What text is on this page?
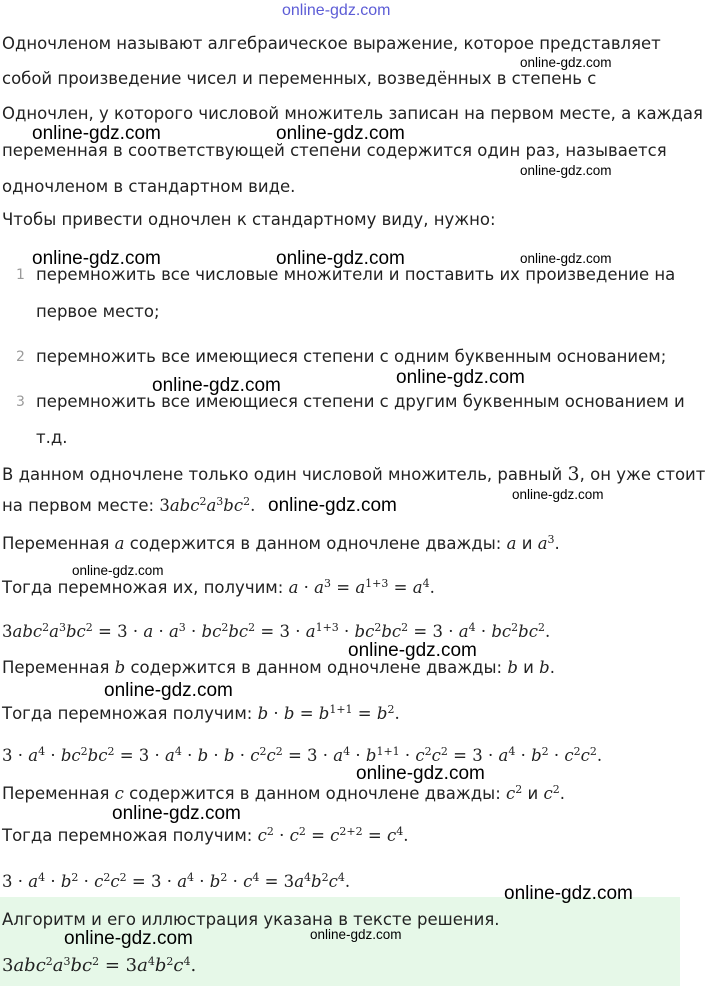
online-gdz.com
Одночленом называют алгебраическое выражение, которое представляет
собой произведение чисел и переменных, возведённых в степень с
Одночлен, у которого числовой множитель записан на первом месте, а каждая
переменная в соответствующей степени содержится один раз, называется
одночленом в стандартном виде.
Чтобы привести одночлен к стандартному виду, нужно:
1 перемножить все числовые множители и поставить их произведение на
первое место;
2 перемножить все имеющиеся степени с одним буквенным основанием;
3 перемножить все имеющиеся степени с другим буквенным основанием и
т.д.
В данном одночлене только один числовой множитель, равный 3, он уже стоит
на первом месте: $3abc^2a^3bc^2$.
Переменная a содержится в данном одночлене дважды: a и $a^3$.
Тогда перемножая их, получим: $a \cdot a^3 = a^{1+3} = a^4$.
$3abc^2a^3bc^2 = 3 \cdot a \cdot a^3 \cdot bc^2bc^2 = 3 \cdot a^{1+3} \cdot bc^2bc^2 = 3 \cdot a^4 \cdot bc^2bc^2$.
Переменная b содержится в данном одночлене дважды: b и b.
Тогда перемножая получим: $b \cdot b = b^{1+1} = b^2$.
$3 \cdot a^4 \cdot bc^2bc^2 = 3 \cdot a^4 \cdot b \cdot b \cdot c^2c^2 = 3 \cdot a^4 \cdot b^{1+1} \cdot c^2c^2 = 3 \cdot a^4 \cdot b^2 \cdot c^2c^2$.
Переменная c содержится в данном одночлене дважды: $c^2$ и $c^2$.
Тогда перемножая получим: $c^2 \cdot c^2 = c^{2+2} = c^4$.
$3 \cdot a^4 \cdot b^2 \cdot c^2c^2 = 3 \cdot a^4 \cdot b^2 \cdot c^4 = 3a^4b^2c^4$.
Алгоритм и его иллюстрация указана в тексте решения.
$3abc^2a^3bc^2 = 3a^4b^2c^4$.
online-gdz.com
online-gdz.com	online-gdz.com
online-gdz.com
online-gdz.com	online-gdz.com	online-gdz.com
online-gdz.com	online-gdz.com
online-gdz.com
online-gdz.com
online-gdz.com
online-gdz.com
online-gdz.com
online-gdz.com
online-gdz.com
online-gdz.com
online-gdz.com	online-gdz.com
